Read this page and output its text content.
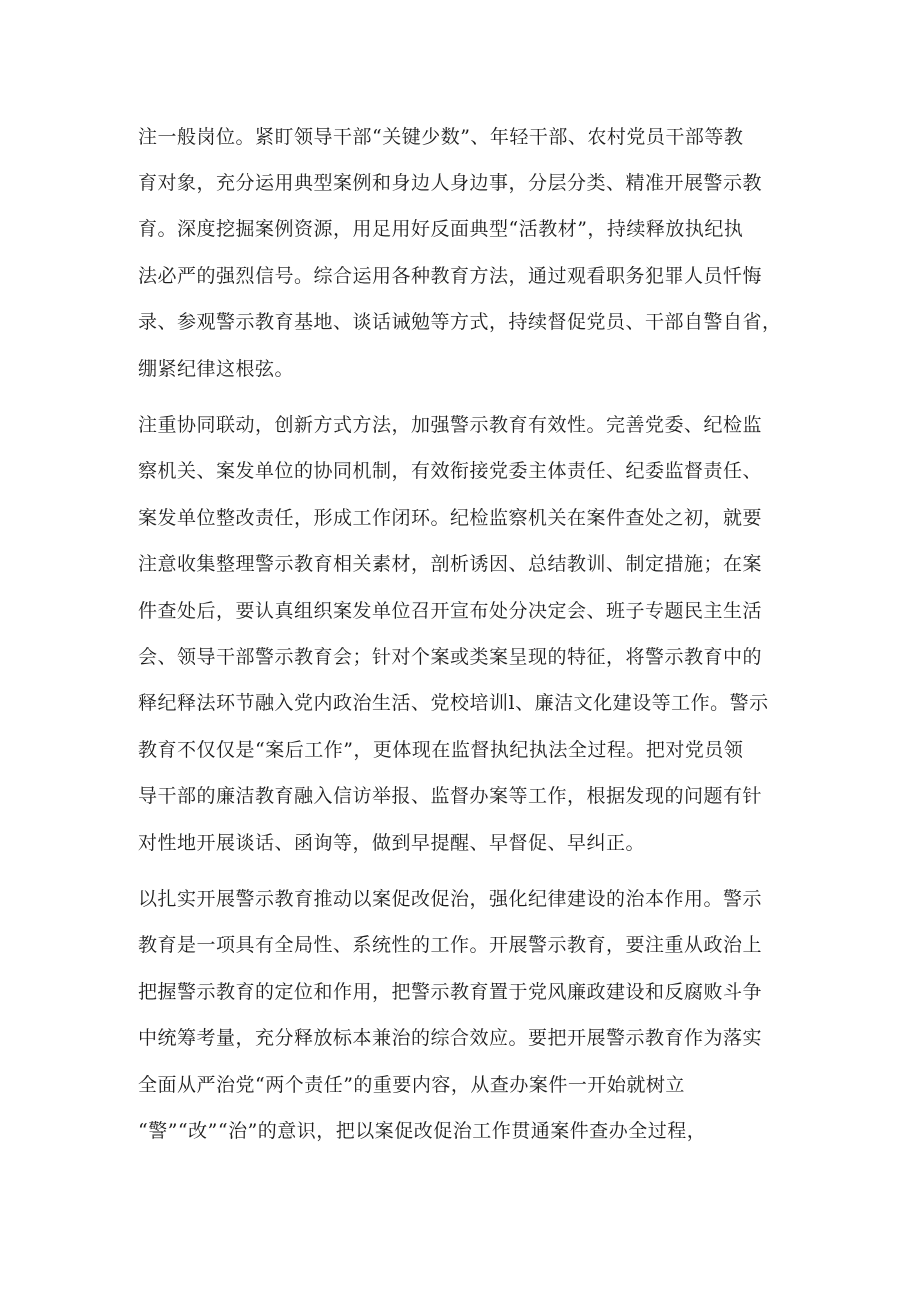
注一般岗位。紧盯领导干部“关键少数”、年轻干部、农村党员干部等教
育对象，充分运用典型案例和身边人身边事，分层分类、精准开展警示教
育。深度挖掘案例资源，用足用好反面典型“活教材”，持续释放执纪执
法必严的强烈信号。综合运用各种教育方法，通过观看职务犯罪人员忏悔
录、参观警示教育基地、谈话诫勉等方式，持续督促党员、干部自警自省，
绷紧纪律这根弦。
注重协同联动，创新方式方法，加强警示教育有效性。完善党委、纪检监
察机关、案发单位的协同机制，有效衔接党委主体责任、纪委监督责任、
案发单位整改责任，形成工作闭环。纪检监察机关在案件查处之初，就要
注意收集整理警示教育相关素材，剖析诱因、总结教训、制定措施；在案
件查处后，要认真组织案发单位召开宣布处分决定会、班子专题民主生活
会、领导干部警示教育会；针对个案或类案呈现的特征，将警示教育中的
释纪释法环节融入党内政治生活、党校培训l、廉洁文化建设等工作。警示
教育不仅仅是“案后工作”，更体现在监督执纪执法全过程。把对党员领
导干部的廉洁教育融入信访举报、监督办案等工作，根据发现的问题有针
对性地开展谈话、函询等，做到早提醒、早督促、早纠正。
以扎实开展警示教育推动以案促改促治，强化纪律建设的治本作用。警示
教育是一项具有全局性、系统性的工作。开展警示教育，要注重从政治上
把握警示教育的定位和作用，把警示教育置于党风廉政建设和反腐败斗争
中统筹考量，充分释放标本兼治的综合效应。要把开展警示教育作为落实
全面从严治党“两个责任”的重要内容，从查办案件一开始就树立
“警”“改”“治”的意识，把以案促改促治工作贯通案件查办全过程，
